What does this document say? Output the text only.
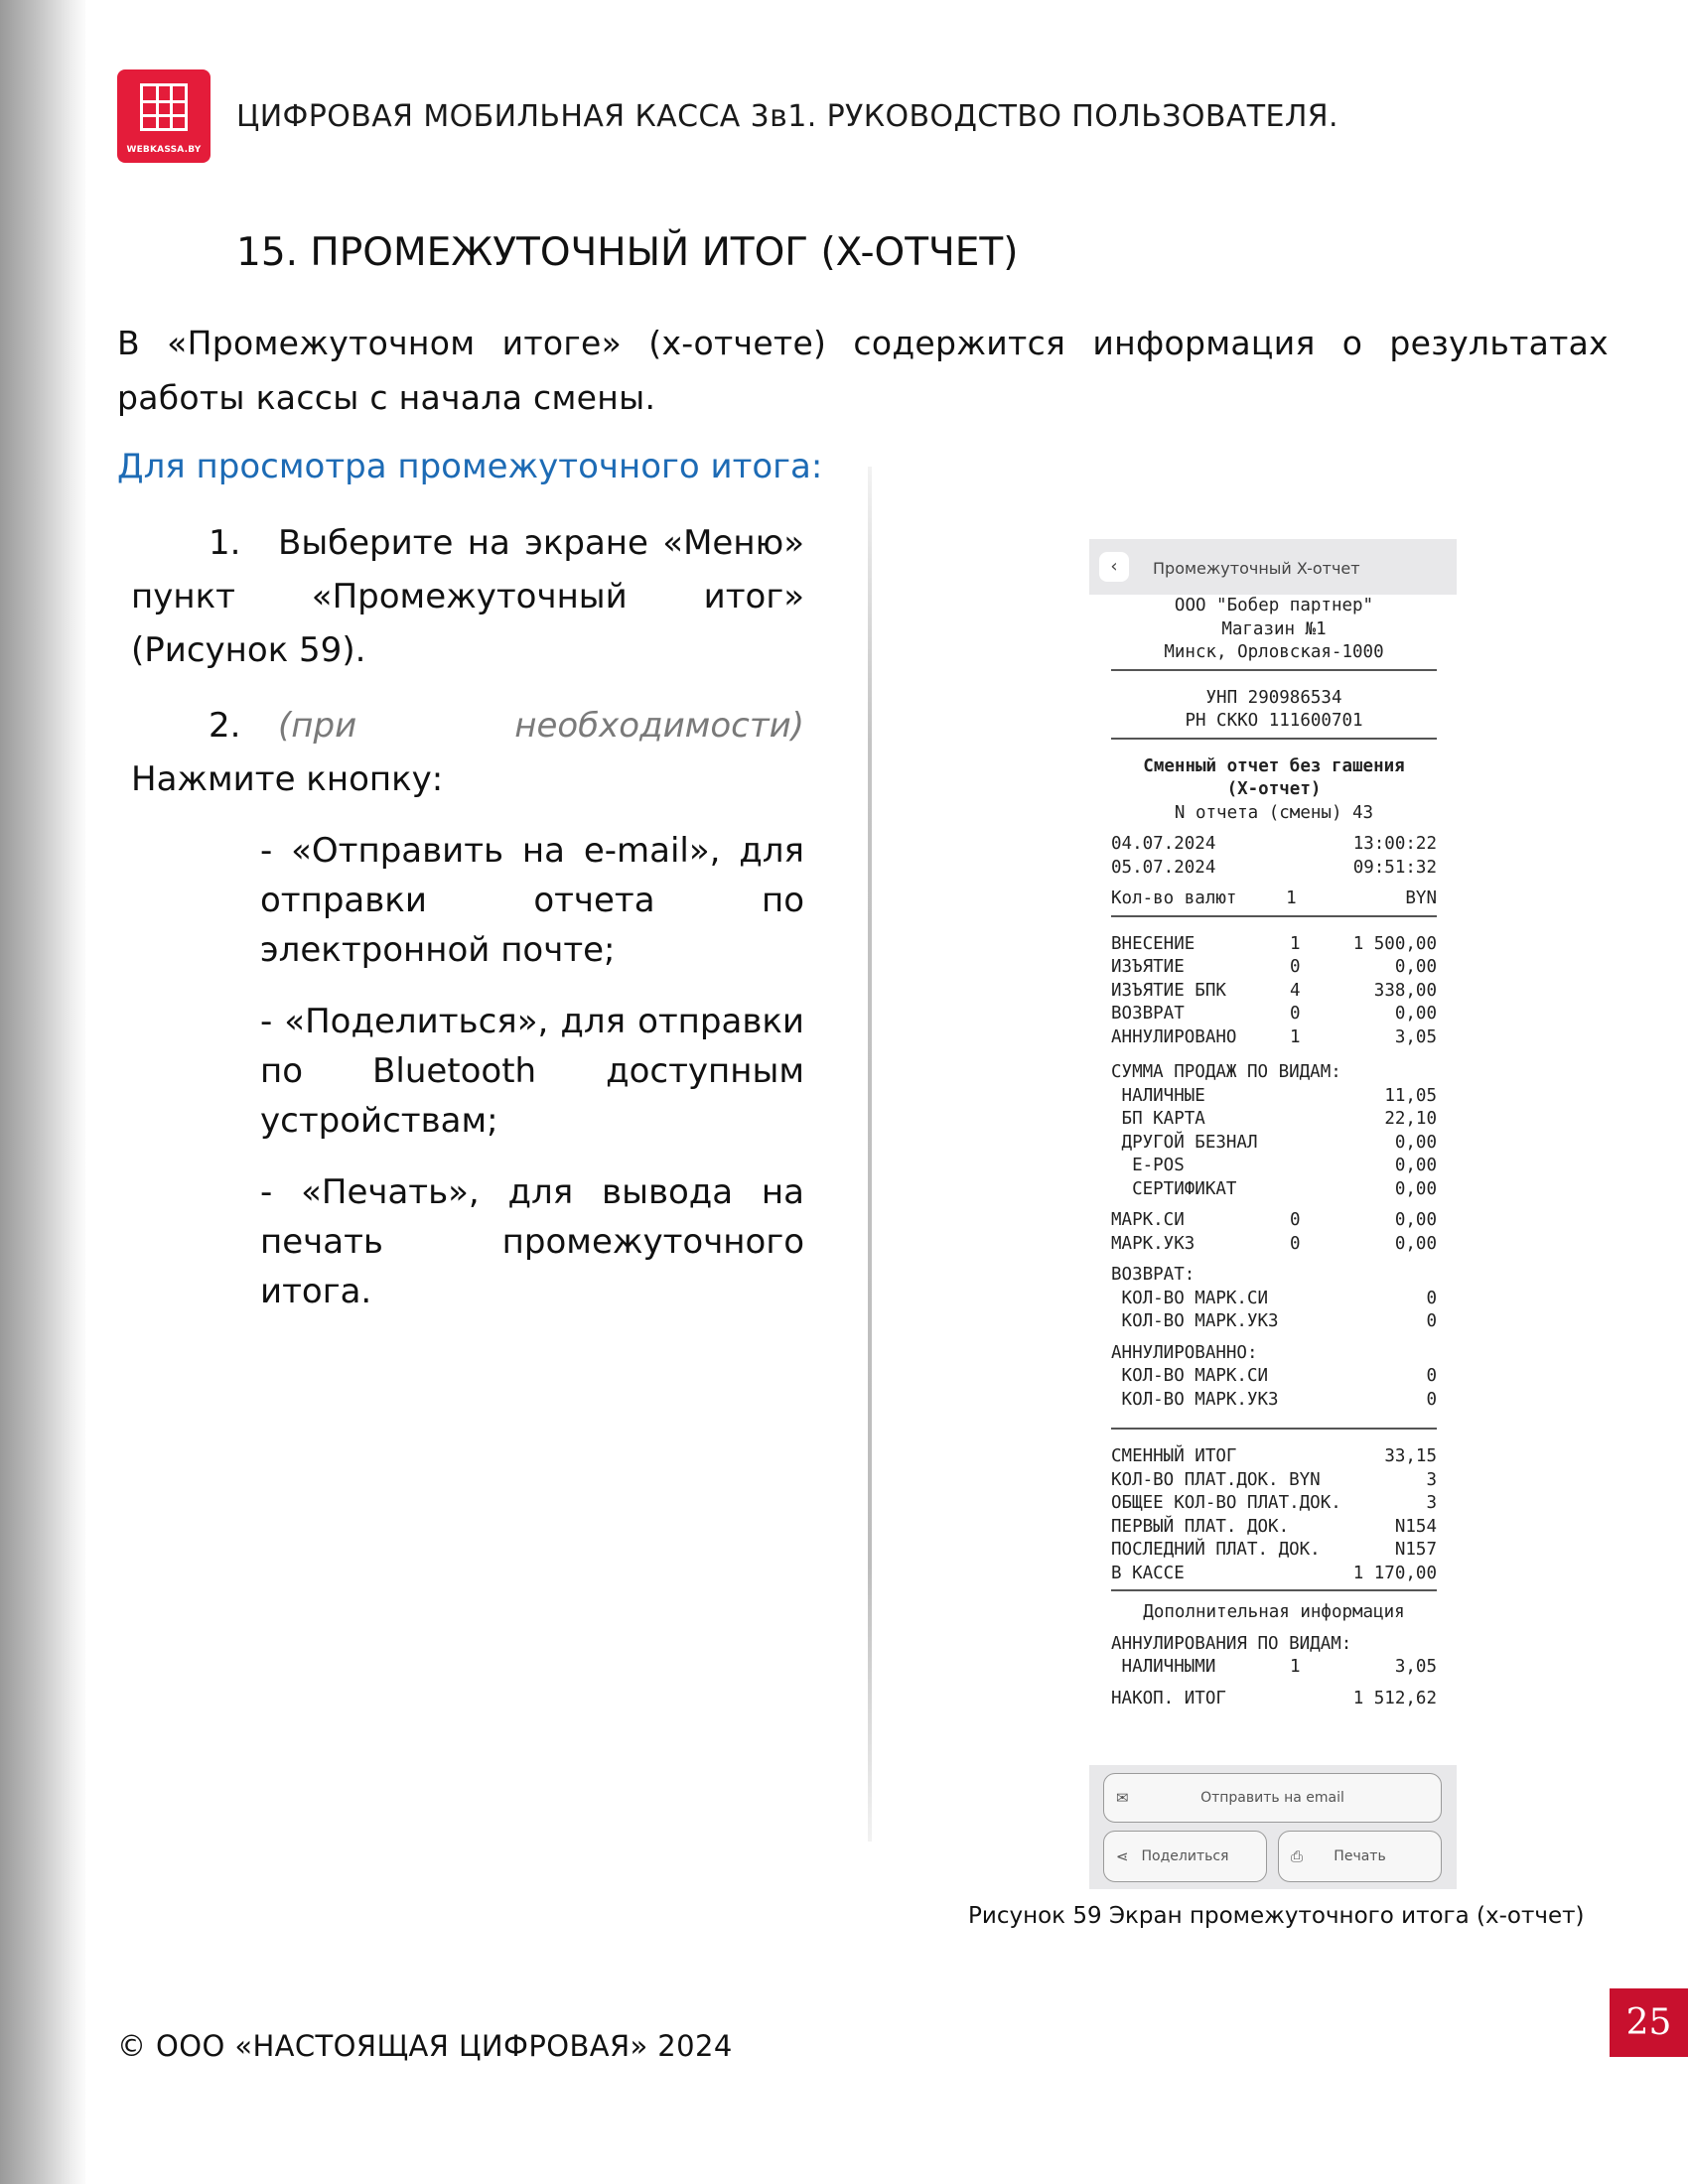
WEBKASSA.BY
ЦИФРОВАЯ МОБИЛЬНАЯ КАССА 3в1. РУКОВОДСТВО ПОЛЬЗОВАТЕЛЯ.
15. ПРОМЕЖУТОЧНЫЙ ИТОГ (X-ОТЧЕТ)
В «Промежуточном итоге» (х-отчете) содержится информация о результатах работы кассы с начала смены.
Для просмотра промежуточного итога:
1. Выберите на экране «Меню» пункт «Промежуточный итог» (Рисунок 59).
2. (при необходимости) Нажмите кнопку:
- «Отправить на e-mail», для отправки отчета по электронной почте;
- «Поделиться», для отправки по Bluetooth доступным устройствам;
- «Печать», для вывода на печать промежуточного итога.
‹	Промежуточный X-отчет
ООО "Бобер партнер"
Магазин №1
Минск, Орловская-1000
УНП 290986534
РН СККО 111600701
Сменный отчет без гашения
(Х-отчет)
N отчета (смены) 43
04.07.2024	13:00:22
05.07.2024	09:51:32
Кол-во валют	1	BYN
ВНЕСЕНИЕ	1	1 500,00
ИЗЪЯТИЕ	0	0,00
ИЗЪЯТИЕ БПК	4	338,00
ВОЗВРАТ	0	0,00
АННУЛИРОВАНО	1	3,05
СУММА ПРОДАЖ ПО ВИДАМ:
НАЛИЧНЫЕ	11,05
БП КАРТА	22,10
ДРУГОЙ БЕЗНАЛ	0,00
E-POS	0,00
СЕРТИФИКАТ	0,00
МАРК.СИ	0	0,00
МАРК.УКЗ	0	0,00
ВОЗВРАТ:
КОЛ-ВО МАРК.СИ	0
КОЛ-ВО МАРК.УКЗ	0
АННУЛИРОВАННО:
КОЛ-ВО МАРК.СИ	0
КОЛ-ВО МАРК.УКЗ	0
СМЕННЫЙ ИТОГ	33,15
КОЛ-ВО ПЛАТ.ДОК. BYN	3
ОБЩЕЕ КОЛ-ВО ПЛАТ.ДОК.	3
ПЕРВЫЙ ПЛАТ. ДОК.	N154
ПОСЛЕДНИЙ ПЛАТ. ДОК.	N157
В КАССЕ	1 170,00
Дополнительная информация
АННУЛИРОВАНИЯ ПО ВИДАМ:
НАЛИЧНЫМИ	1	3,05
НАКОП. ИТОГ	1 512,62
✉	Отправить на email
⋖ Поделиться	⎙ Печать
Рисунок 59 Экран промежуточного итога (х-отчет)
© ООО «НАСТОЯЩАЯ ЦИФРОВАЯ» 2024
25
